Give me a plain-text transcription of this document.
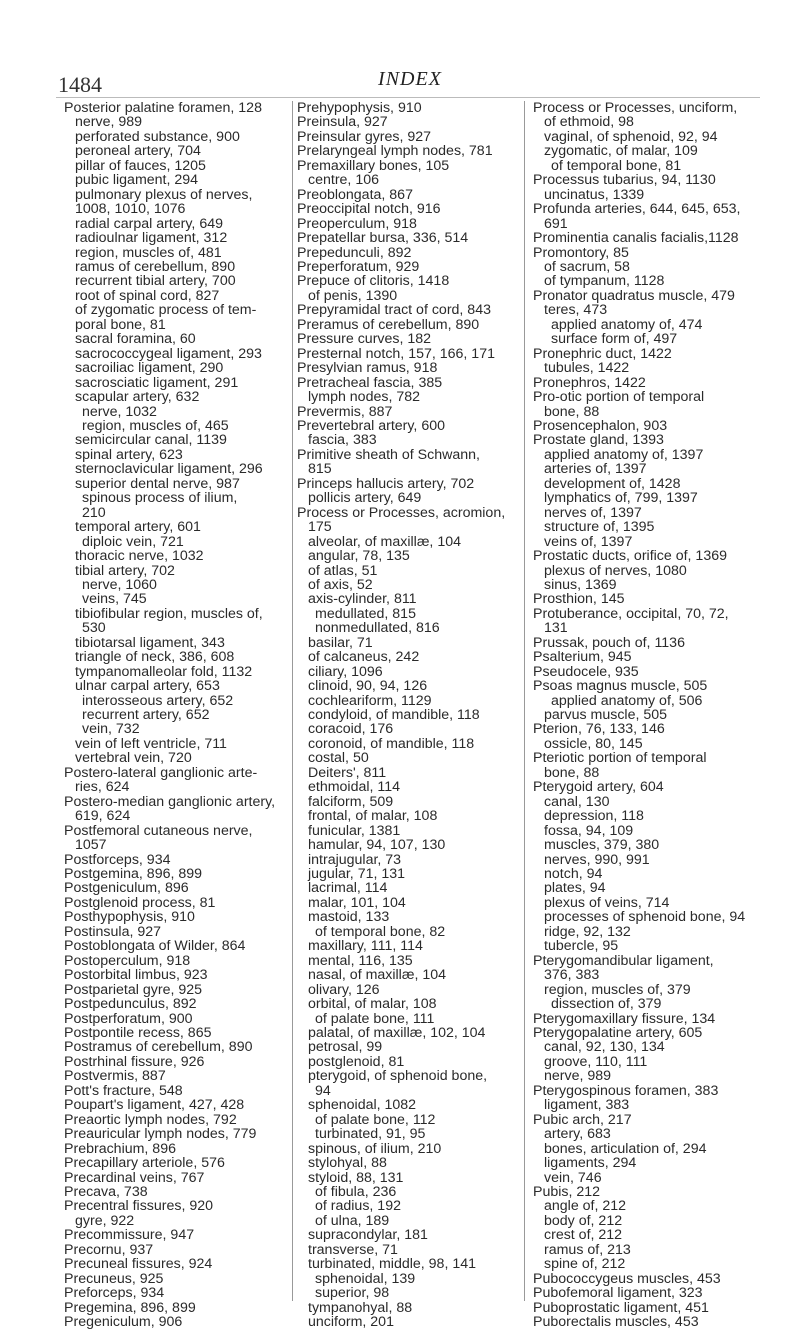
1484	INDEX
Posterior palatine foramen, 128
nerve, 989
perforated substance, 900
peroneal artery, 704
pillar of fauces, 1205
pubic ligament, 294
pulmonary plexus of nerves,
1008, 1010, 1076
radial carpal artery, 649
radioulnar ligament, 312
region, muscles of, 481
ramus of cerebellum, 890
recurrent tibial artery, 700
root of spinal cord, 827
of zygomatic process of tem-
poral bone, 81
sacral foramina, 60
sacrococcygeal ligament, 293
sacroiliac ligament, 290
sacrosciatic ligament, 291
scapular artery, 632
nerve, 1032
region, muscles of, 465
semicircular canal, 1139
spinal artery, 623
sternoclavicular ligament, 296
superior dental nerve, 987
spinous process of ilium,
210
temporal artery, 601
diploic vein, 721
thoracic nerve, 1032
tibial artery, 702
nerve, 1060
veins, 745
tibiofibular region, muscles of,
530
tibiotarsal ligament, 343
triangle of neck, 386, 608
tympanomalleolar fold, 1132
ulnar carpal artery, 653
interosseous artery, 652
recurrent artery, 652
vein, 732
vein of left ventricle, 711
vertebral vein, 720
Postero-lateral ganglionic arte-
ries, 624
Postero-median ganglionic artery,
619, 624
Postfemoral cutaneous nerve,
1057
Postforceps, 934
Postgemina, 896, 899
Postgeniculum, 896
Postglenoid process, 81
Posthypophysis, 910
Postinsula, 927
Postoblongata of Wilder, 864
Postoperculum, 918
Postorbital limbus, 923
Postparietal gyre, 925
Postpedunculus, 892
Postperforatum, 900
Postpontile recess, 865
Postramus of cerebellum, 890
Postrhinal fissure, 926
Postvermis, 887
Pott's fracture, 548
Poupart's ligament, 427, 428
Preaortic lymph nodes, 792
Preauricular lymph nodes, 779
Prebrachium, 896
Precapillary arteriole, 576
Precardinal veins, 767
Precava, 738
Precentral fissures, 920
gyre, 922
Precommissure, 947
Precornu, 937
Precuneal fissures, 924
Precuneus, 925
Preforceps, 934
Pregemina, 896, 899
Pregeniculum, 906
Prehypophysis, 910
Preinsula, 927
Preinsular gyres, 927
Prelaryngeal lymph nodes, 781
Premaxillary bones, 105
centre, 106
Preoblongata, 867
Preoccipital notch, 916
Preoperculum, 918
Prepatellar bursa, 336, 514
Prepedunculi, 892
Preperforatum, 929
Prepuce of clitoris, 1418
of penis, 1390
Prepyramidal tract of cord, 843
Preramus of cerebellum, 890
Pressure curves, 182
Presternal notch, 157, 166, 171
Presylvian ramus, 918
Pretracheal fascia, 385
lymph nodes, 782
Prevermis, 887
Prevertebral artery, 600
fascia, 383
Primitive sheath of Schwann,
815
Princeps hallucis artery, 702
pollicis artery, 649
Process or Processes, acromion,
175
alveolar, of maxillæ, 104
angular, 78, 135
of atlas, 51
of axis, 52
axis-cylinder, 811
medullated, 815
nonmedullated, 816
basilar, 71
of calcaneus, 242
ciliary, 1096
clinoid, 90, 94, 126
cochleariform, 1129
condyloid, of mandible, 118
coracoid, 176
coronoid, of mandible, 118
costal, 50
Deiters', 811
ethmoidal, 114
falciform, 509
frontal, of malar, 108
funicular, 1381
hamular, 94, 107, 130
intrajugular, 73
jugular, 71, 131
lacrimal, 114
malar, 101, 104
mastoid, 133
of temporal bone, 82
maxillary, 111, 114
mental, 116, 135
nasal, of maxillæ, 104
olivary, 126
orbital, of malar, 108
of palate bone, 111
palatal, of maxillæ, 102, 104
petrosal, 99
postglenoid, 81
pterygoid, of sphenoid bone,
94
sphenoidal, 1082
of palate bone, 112
turbinated, 91, 95
spinous, of ilium, 210
stylohyal, 88
styloid, 88, 131
of fibula, 236
of radius, 192
of ulna, 189
supracondylar, 181
transverse, 71
turbinated, middle, 98, 141
sphenoidal, 139
superior, 98
tympanohyal, 88
unciform, 201
Process or Processes, unciform,
of ethmoid, 98
vaginal, of sphenoid, 92, 94
zygomatic, of malar, 109
of temporal bone, 81
Processus tubarius, 94, 1130
uncinatus, 1339
Profunda arteries, 644, 645, 653,
691
Prominentia canalis facialis,1128
Promontory, 85
of sacrum, 58
of tympanum, 1128
Pronator quadratus muscle, 479
teres, 473
applied anatomy of, 474
surface form of, 497
Pronephric duct, 1422
tubules, 1422
Pronephros, 1422
Pro-otic portion of temporal
bone, 88
Prosencephalon, 903
Prostate gland, 1393
applied anatomy of, 1397
arteries of, 1397
development of, 1428
lymphatics of, 799, 1397
nerves of, 1397
structure of, 1395
veins of, 1397
Prostatic ducts, orifice of, 1369
plexus of nerves, 1080
sinus, 1369
Prosthion, 145
Protuberance, occipital, 70, 72,
131
Prussak, pouch of, 1136
Psalterium, 945
Pseudocele, 935
Psoas magnus muscle, 505
applied anatomy of, 506
parvus muscle, 505
Pterion, 76, 133, 146
ossicle, 80, 145
Pteriotic portion of temporal
bone, 88
Pterygoid artery, 604
canal, 130
depression, 118
fossa, 94, 109
muscles, 379, 380
nerves, 990, 991
notch, 94
plates, 94
plexus of veins, 714
processes of sphenoid bone, 94
ridge, 92, 132
tubercle, 95
Pterygomandibular ligament,
376, 383
region, muscles of, 379
dissection of, 379
Pterygomaxillary fissure, 134
Pterygopalatine artery, 605
canal, 92, 130, 134
groove, 110, 111
nerve, 989
Pterygospinous foramen, 383
ligament, 383
Pubic arch, 217
artery, 683
bones, articulation of, 294
ligaments, 294
vein, 746
Pubis, 212
angle of, 212
body of, 212
crest of, 212
ramus of, 213
spine of, 212
Pubococcygeus muscles, 453
Pubofemoral ligament, 323
Puboprostatic ligament, 451
Puborectalis muscles, 453
